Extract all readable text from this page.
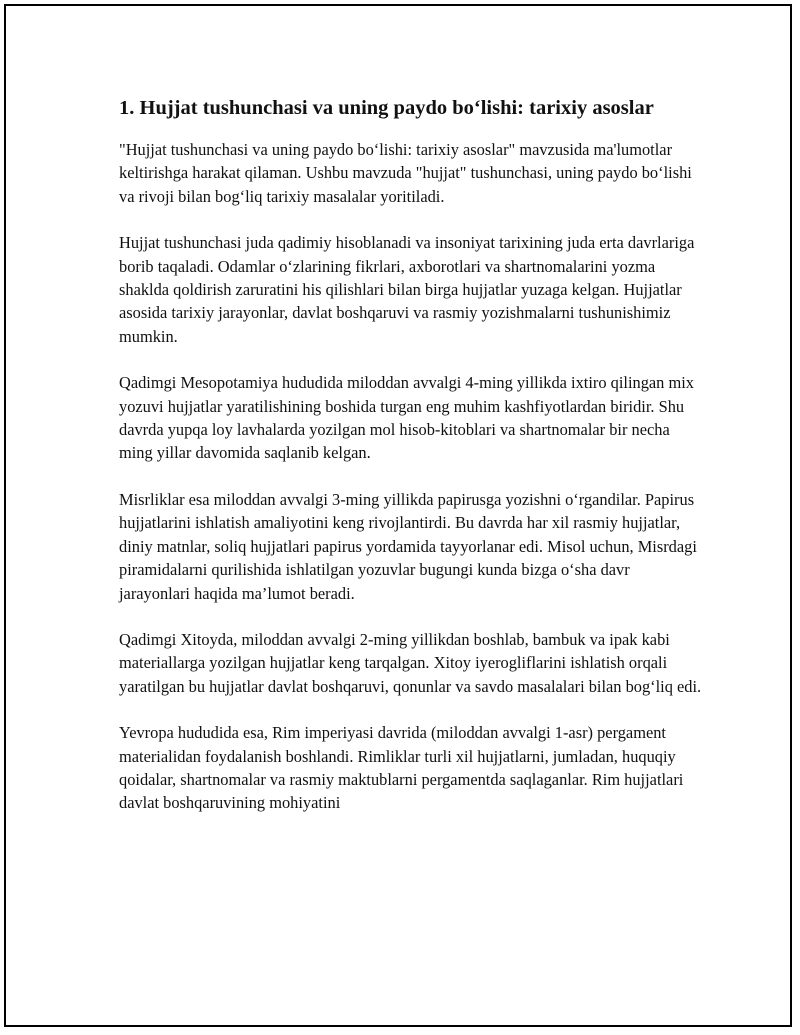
1. Hujjat tushunchasi va uning paydo bo‘lishi: tarixiy asoslar

"Hujjat tushunchasi va uning paydo bo‘lishi: tarixiy asoslar" mavzusida ma'lumotlar keltirishga harakat qilaman. Ushbu mavzuda "hujjat" tushunchasi, uning paydo bo‘lishi va rivoji bilan bog‘liq tarixiy masalalar yoritiladi.

Hujjat tushunchasi juda qadimiy hisoblanadi va insoniyat tarixining juda erta davrlariga borib taqaladi. Odamlar o‘zlarining fikrlari, axborotlari va shartnomalarini yozma shaklda qoldirish zaruratini his qilishlari bilan birga hujjatlar yuzaga kelgan. Hujjatlar asosida tarixiy jarayonlar, davlat boshqaruvi va rasmiy yozishmalarni tushunishimiz mumkin.

Qadimgi Mesopotamiya hududida miloddan avvalgi 4-ming yillikda ixtiro qilingan mix yozuvi hujjatlar yaratilishining boshida turgan eng muhim kashfiyotlardan biridir. Shu davrda yupqa loy lavhalarda yozilgan mol hisob-kitoblari va shartnomalar bir necha ming yillar davomida saqlanib kelgan.

Misrliklar esa miloddan avvalgi 3-ming yillikda papirusga yozishni o‘rgandilar. Papirus hujjatlarini ishlatish amaliyotini keng rivojlantirdi. Bu davrda har xil rasmiy hujjatlar, diniy matnlar, soliq hujjatlari papirus yordamida tayyorlanar edi. Misol uchun, Misrdagi piramidalarni qurilishida ishlatilgan yozuvlar bugungi kunda bizga o‘sha davr jarayonlari haqida ma’lumot beradi.

Qadimgi Xitoyda, miloddan avvalgi 2-ming yillikdan boshlab, bambuk va ipak kabi materiallarga yozilgan hujjatlar keng tarqalgan. Xitoy iyerogliflarini ishlatish orqali yaratilgan bu hujjatlar davlat boshqaruvi, qonunlar va savdo masalalari bilan bog‘liq edi.

Yevropa hududida esa, Rim imperiyasi davrida (miloddan avvalgi 1-asr) pergament materialidan foydalanish boshlandi. Rimliklar turli xil hujjatlarni, jumladan, huquqiy qoidalar, shartnomalar va rasmiy maktublarni pergamentda saqlaganlar. Rim hujjatlari davlat boshqaruvining mohiyatini
